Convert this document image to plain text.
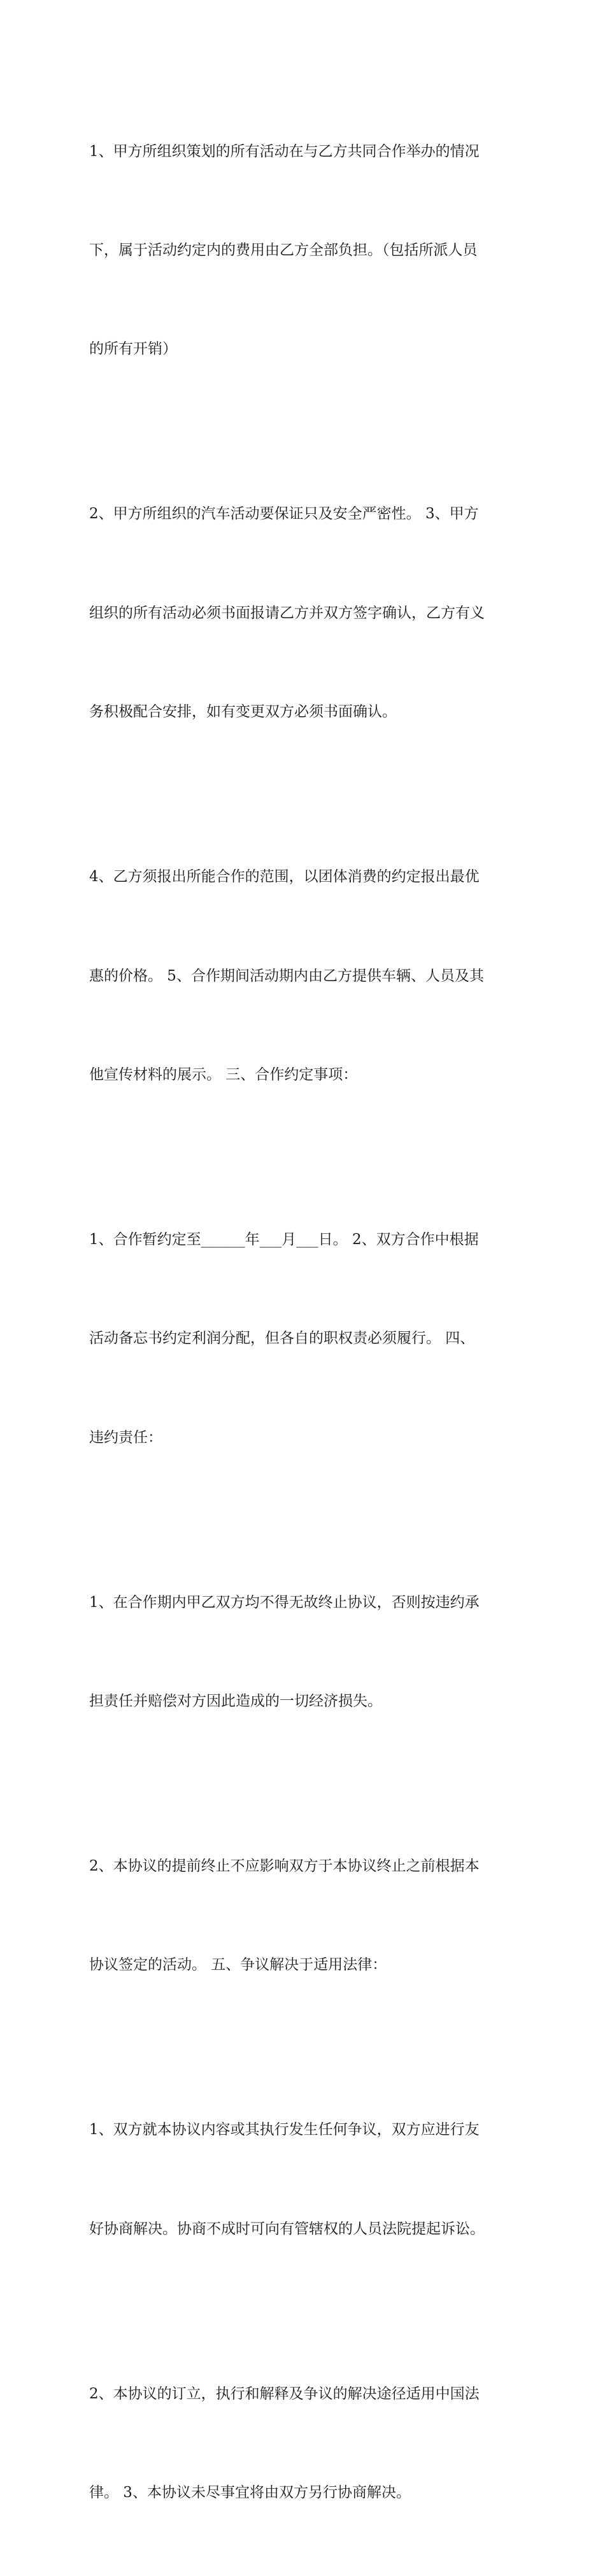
1、甲方所组织策划的所有活动在与乙方共同合作举办的情况

下，属于活动约定内的费用由乙方全部负担。（包括所派人员

的所有开销）

2、甲方所组织的汽车活动要保证只及安全严密性。 3、甲方

组织的所有活动必须书面报请乙方并双方签字确认，乙方有义

务积极配合安排，如有变更双方必须书面确认。

4、乙方须报出所能合作的范围，以团体消费的约定报出最优

惠的价格。 5、合作期间活动期内由乙方提供车辆、人员及其

他宣传材料的展示。 三、合作约定事项：

1、合作暂约定至______年___月___日。 2、双方合作中根据

活动备忘书约定利润分配，但各自的职权责必须履行。 四、

违约责任：

1、在合作期内甲乙双方均不得无故终止协议，否则按违约承

担责任并赔偿对方因此造成的一切经济损失。

2、本协议的提前终止不应影响双方于本协议终止之前根据本

协议签定的活动。 五、争议解决于适用法律：

1、双方就本协议内容或其执行发生任何争议，双方应进行友

好协商解决。协商不成时可向有管辖权的人员法院提起诉讼。

2、本协议的订立，执行和解释及争议的解决途径适用中国法

律。 3、本协议未尽事宜将由双方另行协商解决。
